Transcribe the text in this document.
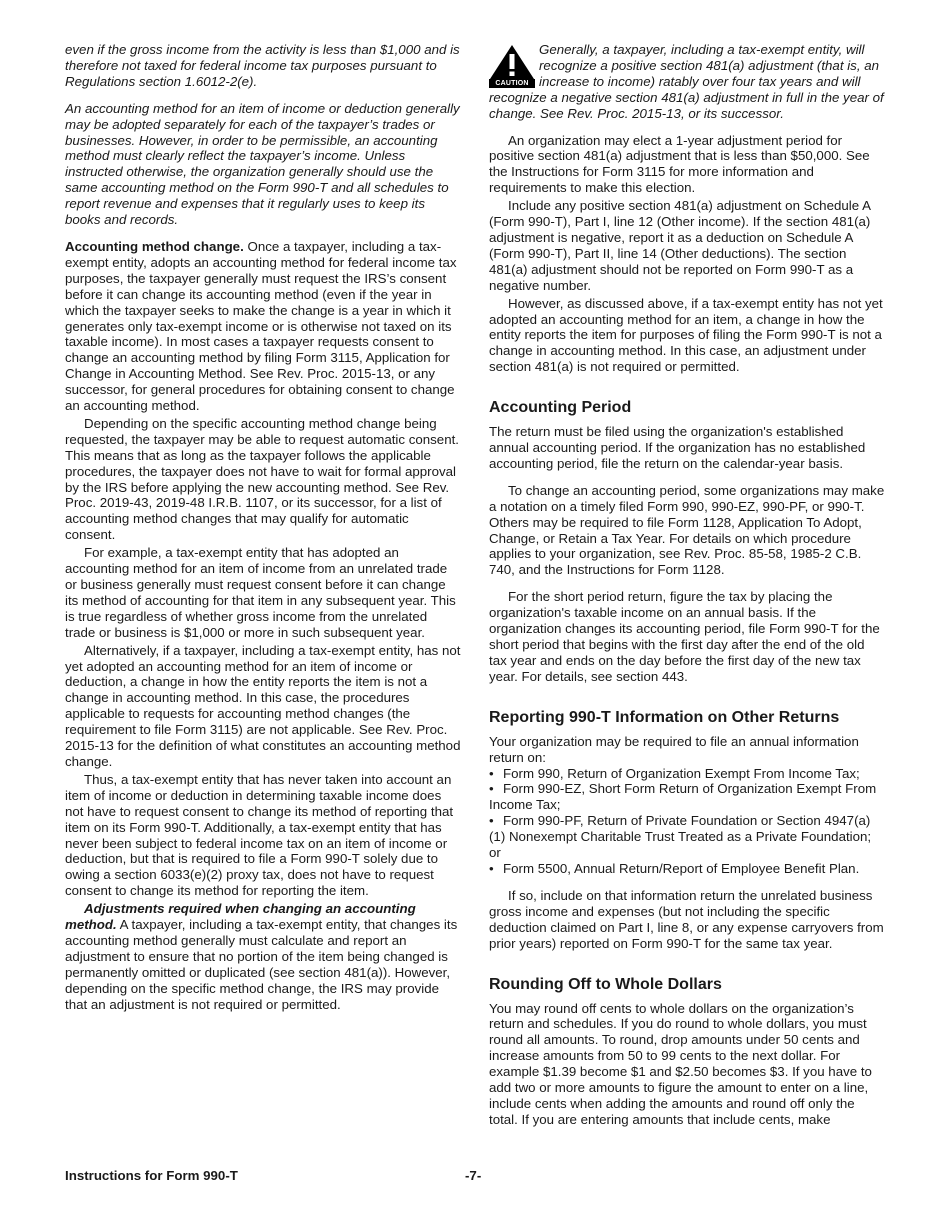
even if the gross income from the activity is less than $1,000 and is therefore not taxed for federal income tax purposes pursuant to Regulations section 1.6012-2(e).

An accounting method for an item of income or deduction generally may be adopted separately for each of the taxpayer’s trades or businesses. However, in order to be permissible, an accounting method must clearly reflect the taxpayer’s income. Unless instructed otherwise, the organization generally should use the same accounting method on the Form 990-T and all schedules to report revenue and expenses that it regularly uses to keep its books and records.

Accounting method change. Once a taxpayer, including a tax-exempt entity, adopts an accounting method for federal income tax purposes, the taxpayer generally must request the IRS’s consent before it can change its accounting method (even if the year in which the taxpayer seeks to make the change is a year in which it generates only tax-exempt income or is otherwise not taxed on its taxable income). In most cases a taxpayer requests consent to change an accounting method by filing Form 3115, Application for Change in Accounting Method. See Rev. Proc. 2015-13, or any successor, for general procedures for obtaining consent to change an accounting method.

Depending on the specific accounting method change being requested, the taxpayer may be able to request automatic consent. This means that as long as the taxpayer follows the applicable procedures, the taxpayer does not have to wait for formal approval by the IRS before applying the new accounting method. See Rev. Proc. 2019-43, 2019-48 I.R.B. 1107, or its successor, for a list of accounting method changes that may qualify for automatic consent.

For example, a tax-exempt entity that has adopted an accounting method for an item of income from an unrelated trade or business generally must request consent before it can change its method of accounting for that item in any subsequent year. This is true regardless of whether gross income from the unrelated trade or business is $1,000 or more in such subsequent year.

Alternatively, if a taxpayer, including a tax-exempt entity, has not yet adopted an accounting method for an item of income or deduction, a change in how the entity reports the item is not a change in accounting method. In this case, the procedures applicable to requests for accounting method changes (the requirement to file Form 3115) are not applicable. See Rev. Proc. 2015-13 for the definition of what constitutes an accounting method change.

Thus, a tax-exempt entity that has never taken into account an item of income or deduction in determining taxable income does not have to request consent to change its method of reporting that item on its Form 990-T. Additionally, a tax-exempt entity that has never been subject to federal income tax on an item of income or deduction, but that is required to file a Form 990-T solely due to owing a section 6033(e)(2) proxy tax, does not have to request consent to change its method for reporting the item.

Adjustments required when changing an accounting method. A taxpayer, including a tax-exempt entity, that changes its accounting method generally must calculate and report an adjustment to ensure that no portion of the item being changed is permanently omitted or duplicated (see section 481(a)). However, depending on the specific method change, the IRS may provide that an adjustment is not required or permitted.

CAUTION

Generally, a taxpayer, including a tax-exempt entity, will recognize a positive section 481(a) adjustment (that is, an increase to income) ratably over four tax years and will recognize a negative section 481(a) adjustment in full in the year of change. See Rev. Proc. 2015-13, or its successor.

An organization may elect a 1-year adjustment period for positive section 481(a) adjustment that is less than $50,000. See the Instructions for Form 3115 for more information and requirements to make this election.

Include any positive section 481(a) adjustment on Schedule A (Form 990-T), Part I, line 12 (Other income). If the section 481(a) adjustment is negative, report it as a deduction on Schedule A (Form 990-T), Part II, line 14 (Other deductions). The section 481(a) adjustment should not be reported on Form 990-T as a negative number.

However, as discussed above, if a tax-exempt entity has not yet adopted an accounting method for an item, a change in how the entity reports the item for purposes of filing the Form 990-T is not a change in accounting method. In this case, an adjustment under section 481(a) is not required or permitted.

Accounting Period

The return must be filed using the organization's established annual accounting period. If the organization has no established accounting period, file the return on the calendar-year basis.

To change an accounting period, some organizations may make a notation on a timely filed Form 990, 990-EZ, 990-PF, or 990-T. Others may be required to file Form 1128, Application To Adopt, Change, or Retain a Tax Year. For details on which procedure applies to your organization, see Rev. Proc. 85-58, 1985-2 C.B. 740, and the Instructions for Form 1128.

For the short period return, figure the tax by placing the organization's taxable income on an annual basis. If the organization changes its accounting period, file Form 990-T for the short period that begins with the first day after the end of the old tax year and ends on the day before the first day of the new tax year. For details, see section 443.

Reporting 990-T Information on Other Returns

Your organization may be required to file an annual information return on:

• Form 990, Return of Organization Exempt From Income Tax;

• Form 990-EZ, Short Form Return of Organization Exempt From Income Tax;

• Form 990-PF, Return of Private Foundation or Section 4947(a)(1) Nonexempt Charitable Trust Treated as a Private Foundation; or

• Form 5500, Annual Return/Report of Employee Benefit Plan.

If so, include on that information return the unrelated business gross income and expenses (but not including the specific deduction claimed on Part I, line 8, or any expense carryovers from prior years) reported on Form 990-T for the same tax year.

Rounding Off to Whole Dollars

You may round off cents to whole dollars on the organization’s return and schedules. If you do round to whole dollars, you must round all amounts. To round, drop amounts under 50 cents and increase amounts from 50 to 99 cents to the next dollar. For example $1.39 become $1 and $2.50 becomes $3. If you have to add two or more amounts to figure the amount to enter on a line, include cents when adding the amounts and round off only the total. If you are entering amounts that include cents, make

Instructions for Form 990-T	-7-
